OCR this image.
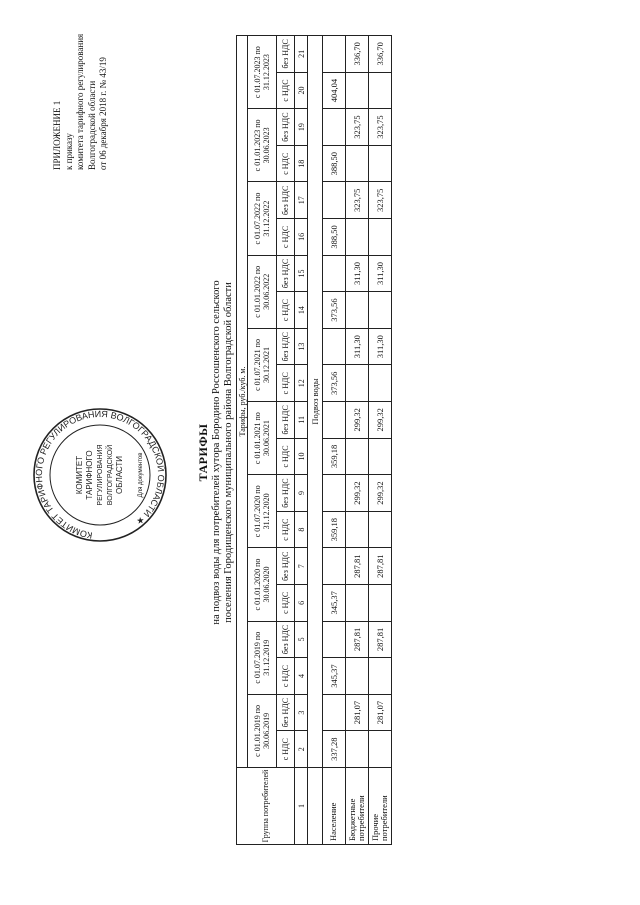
ПРИЛОЖЕНИЕ 1 к приказу комитета тарифного регулирования Волгоградской области от 06 декабря 2018 г. № 43/19
КОМИТЕТ ТАРИФНОГО РЕГУЛИРОВАНИЯ ВОЛГОГРАДСКОЙ ОБЛАСТИ ★
КОМИТЕТ ТАРИФНОГО РЕГУЛИРОВАНИЯ ВОЛГОГРАДСКОЙ ОБЛАСТИ Для документов	ТАРИФЫ на подвоз воды для потребителей хутора Бородино Россошенского сельского поселения Городищенского муниципального района Волгоградской области
Группа потребителей	Тарифы, руб./куб. м.																			
	с 01.01.2019 по 30.06.2019		с 01.07.2019 по 31.12.2019		с 01.01.2020 по 30.06.2020		с 01.07.2020 по 31.12.2020		с 01.01.2021 по 30.06.2021		с 01.07.2021 по 30.12.2021		с 01.01.2022 по 30.06.2022		с 01.07.2022 по 31.12.2022		с 01.01.2023 по 30.06.2023		с 01.07.2023 по 31.12.2023	
	с НДС	без НДС	с НДС	без НДС	с НДС	без НДС	с НДС	без НДС	с НДС	без НДС	с НДС	без НДС	с НДС	без НДС	с НДС	без НДС	с НДС	без НДС	с НДС	без НДС
1	2	3	4	5	6	7	8	9	10	11	12	13	14	15	16	17	18	19	20	21
	Подвоз воды																			
Население	337,28		345,37		345,37		359,18		359,18		373,56		373,56		388,50		388,50		404,04	
Бюджетные потребители		281,07		287,81		287,81		299,32		299,32		311,30		311,30		323,75		323,75		336,70
Прочие потребители		281,07		287,81		287,81		299,32		299,32		311,30		311,30		323,75		323,75		336,70
